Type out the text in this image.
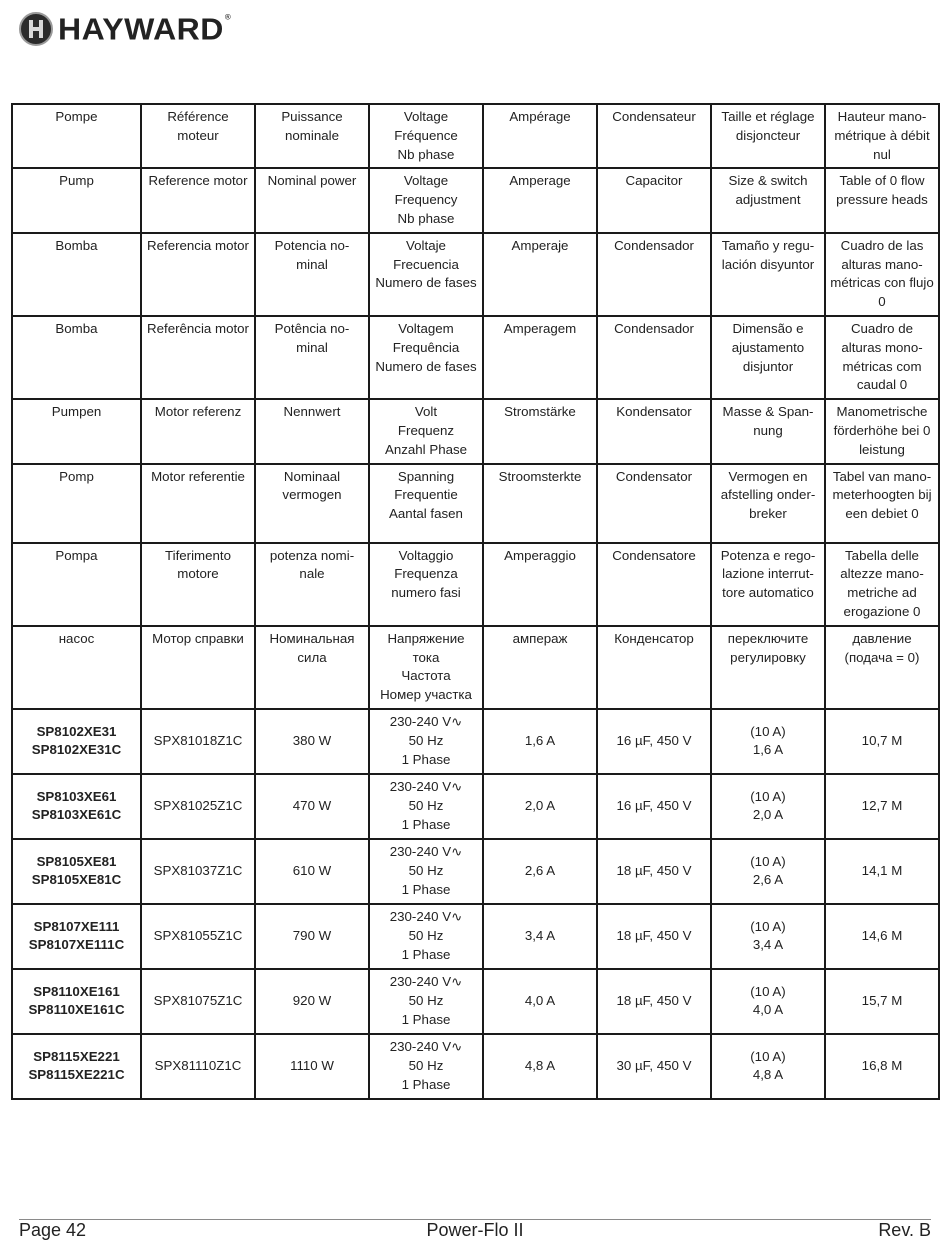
HAYWARD®
Pompe	Référence moteur	Puissance nominale	Voltage
Fréquence
Nb phase	Ampérage	Condensateur	Taille et réglage disjoncteur	Hauteur mano-
métrique à débit nul

Pump	Reference motor	Nominal power	Voltage
Frequency
Nb phase	Amperage	Capacitor	Size & switch adjustment	Table of 0 flow pressure heads

Bomba	Referencia motor	Potencia no-
minal	Voltaje
Frecuencia
Numero de fases	Amperaje	Condensador	Tamaño y regu-
lación disyuntor	Cuadro de las alturas mano-
métricas con flujo 0

Bomba	Referência motor	Potência no-
minal	Voltagem
Frequência
Numero de fases	Amperagem	Condensador	Dimensão e ajustamento disjuntor	Cuadro de alturas mono-
métricas com caudal 0

Pumpen	Motor referenz	Nennwert	Volt
Frequenz
Anzahl Phase	Stromstärke	Kondensator	Masse & Span-
nung	Manometrische förderhöhe bei 0 leistung

Pomp	Motor referentie	Nominaal vermogen	Spanning
Frequentie
Aantal fasen	Stroomsterkte	Condensator	Vermogen en afstelling onder-
breker	Tabel van mano-
meterhoogten bij een debiet 0

Pompa	Tiferimento motore	potenza nomi-
nale	Voltaggio
Frequenza
numero fasi	Amperaggio	Condensatore	Potenza e rego-
lazione interrut-
tore automatico	Tabella delle altezze mano-
metriche ad erogazione 0

насос	Мотор справки	Номинальная сила	Напряжение тока
Частота
Номер участка	ампераж	Конденсатор	переключите регулировку	давление
(подача = 0)

SP8102XE31
SP8102XE31C	SPX81018Z1C	380 W	230-240 V∿
50 Hz
1 Phase	1,6 A	16 µF, 450 V	(10 A)
1,6 A	10,7 M

SP8103XE61
SP8103XE61C	SPX81025Z1C	470 W	230-240 V∿
50 Hz
1 Phase	2,0 A	16 µF, 450 V	(10 A)
2,0 A	12,7 M

SP8105XE81
SP8105XE81C	SPX81037Z1C	610 W	230-240 V∿
50 Hz
1 Phase	2,6 A	18 µF, 450 V	(10 A)
2,6 A	14,1 M

SP8107XE111
SP8107XE111C	SPX81055Z1C	790 W	230-240 V∿
50 Hz
1 Phase	3,4 A	18 µF, 450 V	(10 A)
3,4 A	14,6 M

SP8110XE161
SP8110XE161C	SPX81075Z1C	920 W	230-240 V∿
50 Hz
1 Phase	4,0 A	18 µF, 450 V	(10 A)
4,0 A	15,7 M

SP8115XE221
SP8115XE221C	SPX81110Z1C	1110 W	230-240 V∿
50 Hz
1 Phase	4,8 A	30 µF, 450 V	(10 A)
4,8 A	16,8 M
Page 42	Power-Flo II	Rev. B
